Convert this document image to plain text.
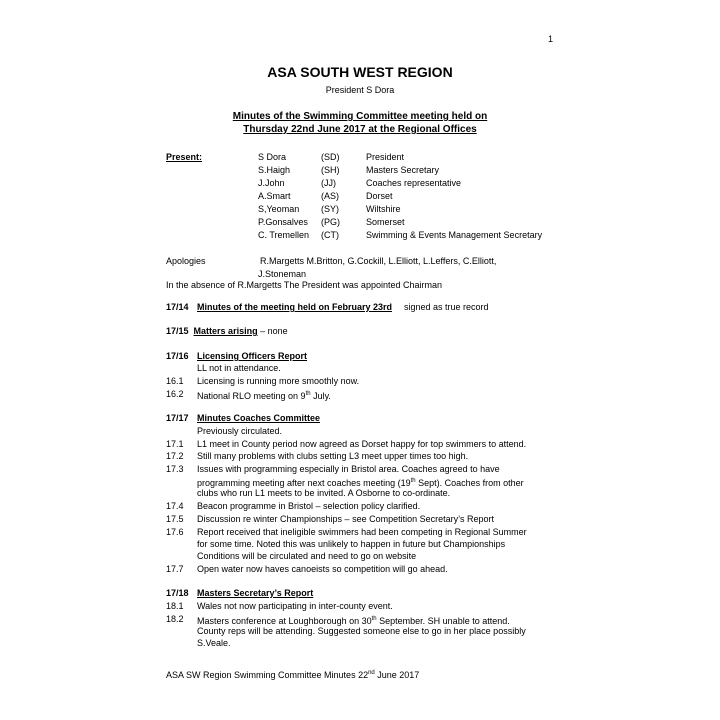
1
ASA SOUTH WEST REGION
President S Dora
Minutes of the Swimming Committee meeting held on
Thursday 22nd June 2017 at the Regional Offices
Present:	S Dora	(SD)	President
S.Haigh	(SH)	Masters Secretary
J.John	(JJ)	Coaches representative
A.Smart	(AS)	Dorset
S,Yeoman (SY)	Wiltshire
P.Gonsalves (PG)	Somerset
C. Tremellen (CT)	Swimming & Events Management Secretary
Apologies	R.Margetts M.Britton, G.Cockill, L.Elliott, L.Leffers, C.Elliott,
J.Stoneman
In the absence of R.Margetts The President was appointed Chairman
17/14 Minutes of the meeting held on February 23rd signed as true record
17/15 Matters arising – none
17/16 Licensing Officers Report
LL not in attendance.
16.1 Licensing is running more smoothly now.
16.2 National RLO meeting on 9th July.
17/17 Minutes Coaches Committee
Previously circulated.
17.1 L1 meet in County period now agreed as Dorset happy for top swimmers to attend.
17.2 Still many problems with clubs setting L3 meet upper times too high.
17.3 Issues with programming especially in Bristol area. Coaches agreed to have
programming meeting after next coaches meeting (19th Sept). Coaches from other
clubs who run L1 meets to be invited. A Osborne to co-ordinate.
17.4 Beacon programme in Bristol – selection policy clarified.
17.5 Discussion re winter Championships – see Competition Secretary’s Report
17.6 Report received that ineligible swimmers had been competing in Regional Summer
for some time. Noted this was unlikely to happen in future but Championships
Conditions will be circulated and need to go on website
17.7 Open water now haves canoeists so competition will go ahead.
17/18 Masters Secretary’s Report
18.1 Wales not now participating in inter-county event.
18.2 Masters conference at Loughborough on 30th September. SH unable to attend.
County reps will be attending. Suggested someone else to go in her place possibly
S.Veale.
ASA SW Region Swimming Committee Minutes 22nd June 2017
